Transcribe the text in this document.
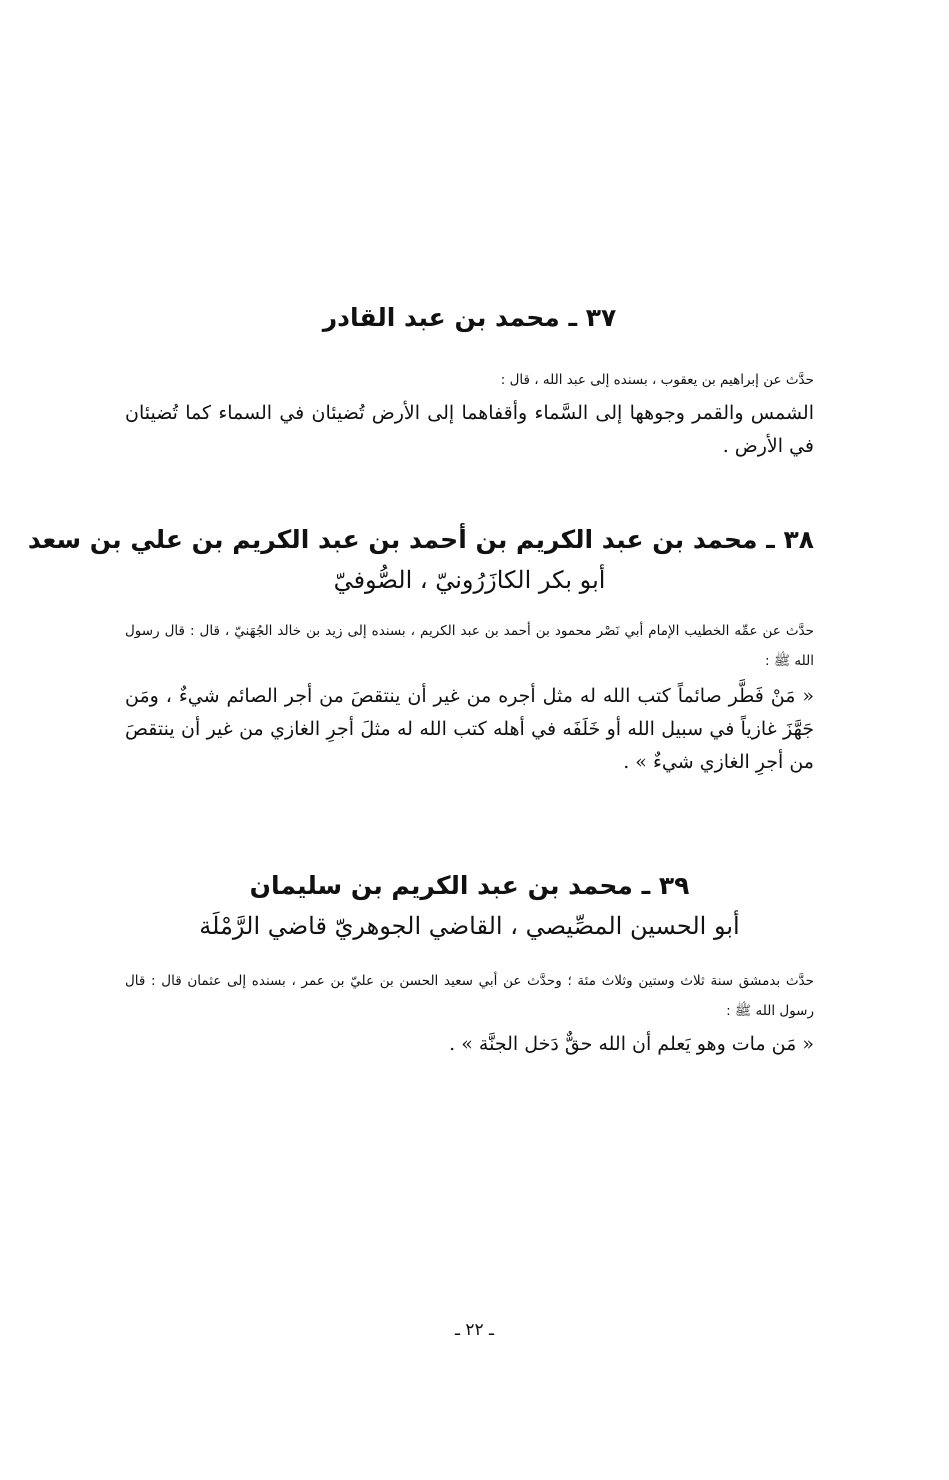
٣٧ ـ محمد بن عبد القادر

حدَّث عن إبراهيم بن يعقوب ، بسنده إلى عبد الله ، قال :

الشمس والقمر وجوهها إلى السَّماء وأقفاهما إلى الأرض تُضيئان في السماء كما تُضيئان في الأرض .

٣٨ ـ محمد بن عبد الكريم بن أحمد بن عبد الكريم بن علي بن سعد

أبو بكر الكازَرُونيّ ، الصُّوفيّ

حدَّث عن عمِّه الخطيب الإمام أبي نَصْر محمود بن أحمد بن عبد الكريم ، بسنده إلى زيد بن خالد الجُهَنيّ ، قال : قال رسول الله ﷺ :

« مَنْ فَطَّر صائماً كتب الله له مثل أجره من غير أن ينتقصَ من أجر الصائم شيءٌ ، ومَن جَهَّزَ غازياً في سبيل الله أو خَلَفَه في أهله كتب الله له مثلَ أجرِ الغازي من غير أن ينتقصَ من أجرِ الغازي شيءٌ » .

٣٩ ـ محمد بن عبد الكريم بن سليمان

أبو الحسين المصِّيصي ، القاضي الجوهريّ قاضي الرَّمْلَة

حدَّث بدمشق سنة ثلاث وستين وثلاث مئة ؛ وحدَّث عن أبي سعيد الحسن بن عليّ بن عمر ، بسنده إلى عثمان قال : قال رسول الله ﷺ :

« مَن مات وهو يَعلم أن الله حقٌّ دَخل الجنَّة » .

ـ ٢٢ ـ
